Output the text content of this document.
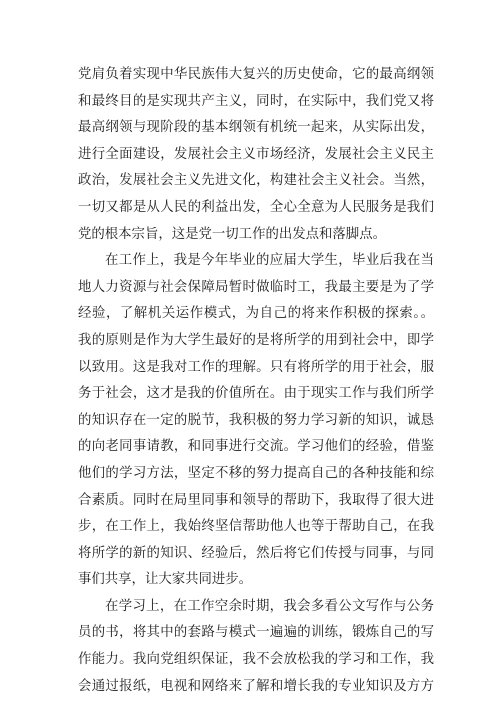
党肩负着实现中华民族伟大复兴的历史使命，它的最高纲领
和最终目的是实现共产主义，同时，在实际中，我们党又将
最高纲领与现阶段的基本纲领有机统一起来，从实际出发，
进行全面建设，发展社会主义市场经济，发展社会主义民主
政治，发展社会主义先进文化，构建社会主义社会。当然，
一切又都是从人民的利益出发，全心全意为人民服务是我们
党的根本宗旨，这是党一切工作的出发点和落脚点。
在工作上，我是今年毕业的应届大学生，毕业后我在当
地人力资源与社会保障局暂时做临时工，我最主要是为了学
经验，了解机关运作模式，为自己的将来作积极的探索。。
我的原则是作为大学生最好的是将所学的用到社会中，即学
以致用。这是我对工作的理解。只有将所学的用于社会，服
务于社会，这才是我的价值所在。由于现实工作与我们所学
的知识存在一定的脱节，我积极的努力学习新的知识，诚恳
的向老同事请教，和同事进行交流。学习他们的经验，借鉴
他们的学习方法，坚定不移的努力提高自己的各种技能和综
合素质。同时在局里同事和领导的帮助下，我取得了很大进
步，在工作上，我始终坚信帮助他人也等于帮助自己，在我
将所学的新的知识、经验后，然后将它们传授与同事，与同
事们共享，让大家共同进步。
在学习上，在工作空余时期，我会多看公文写作与公务
员的书，将其中的套路与模式一遍遍的训练，锻炼自己的写
作能力。我向党组织保证，我不会放松我的学习和工作，我
会通过报纸，电视和网络来了解和增长我的专业知识及方方
